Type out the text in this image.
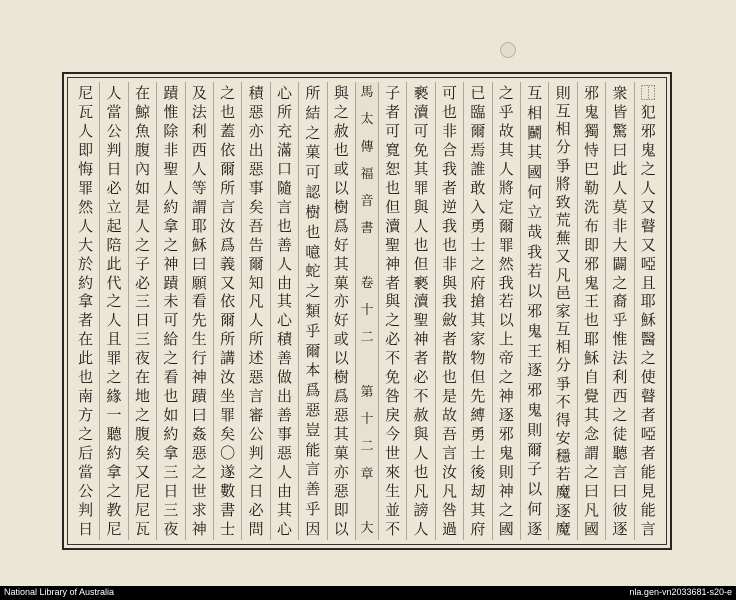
⿰
犯
邪
鬼
之
人
又
瞽
又
啞
且
耶
穌
醫
之
使
瞽
者
啞
者
能
見
能
言
衆
皆
驚
曰
此
人
莫
非
大
闢
之
裔
乎
惟
法
利
西
之
徒
聽
言
曰
彼
逐
邪
鬼
獨
恃
巴
勒
洗
布
即
邪
鬼
王
也
耶
穌
自
覺
其
念
謂
之
曰
凡
國
則
互
相
分
爭
將
致
荒
蕪
又
凡
邑
家
互
相
分
爭
不
得
安
穩
若
魔
逐
魔
互
相
鬭
其
國
何
立
哉
我
若
以
邪
鬼
王
逐
邪
鬼
則
爾
子
以
何
逐
之
乎
故
其
人
將
定
爾
罪
然
我
若
以
上
帝
之
神
逐
邪
鬼
則
神
之
國
已
臨
爾
焉
誰
敢
入
勇
士
之
府
搶
其
家
物
但
先
縛
勇
士
後
刼
其
府
可
也
非
合
我
者
逆
我
也
非
與
我
斂
者
散
也
是
故
吾
言
汝
凡
咎
過
褻
瀆
可
免
其
罪
與
人
也
但
褻
瀆
聖
神
者
必
不
赦
與
人
也
凡
謗
人
子
者
可
寬
恕
也
但
瀆
聖
神
者
與
之
必
不
免
咎
戾
今
世
來
生
並
不
馬
太
傳
福
音
書

卷
十
二

第
十
二
章

大
與
之
赦
也
或
以
樹
爲
好
其
菓
亦
好
或
以
樹
爲
惡
其
菓
亦
惡
即
以
所
結
之
菓
可
認
樹
也
噫
蛇
之
類
乎
爾
本
爲
惡
豈
能
言
善
乎
因
心
所
充
滿
口
隨
言
也
善
人
由
其
心
積
善
做
出
善
事
惡
人
由
其
心
積
惡
亦
出
惡
事
矣
吾
告
爾
知
凡
人
所
述
惡
言
審
公
判
之
日
必
問
之
也
蓋
依
爾
所
言
汝
爲
義
又
依
爾
所
講
汝
坐
罪
矣
〇
遂
數
書
士
及
法
利
西
人
等
謂
耶
穌
曰
願
看
先
生
行
神
蹟
曰
姦
惡
之
世
求
神
蹟
惟
除
非
聖
人
約
拿
之
神
蹟
未
可
給
之
看
也
如
約
拿
三
日
三
夜
在
鯨
魚
腹
內
如
是
人
之
子
必
三
日
三
夜
在
地
之
腹
矣
又
尼
尼
瓦
人
當
公
判
日
必
立
起
陪
此
代
之
人
且
罪
之
緣
一
聽
約
拿
之
教
尼
尼
瓦
人
即
悔
罪
然
人
大
於
約
拿
者
在
此
也
南
方
之
后
當
公
判
日
National Library of Australia	nla.gen-vn2033681-s20-e
